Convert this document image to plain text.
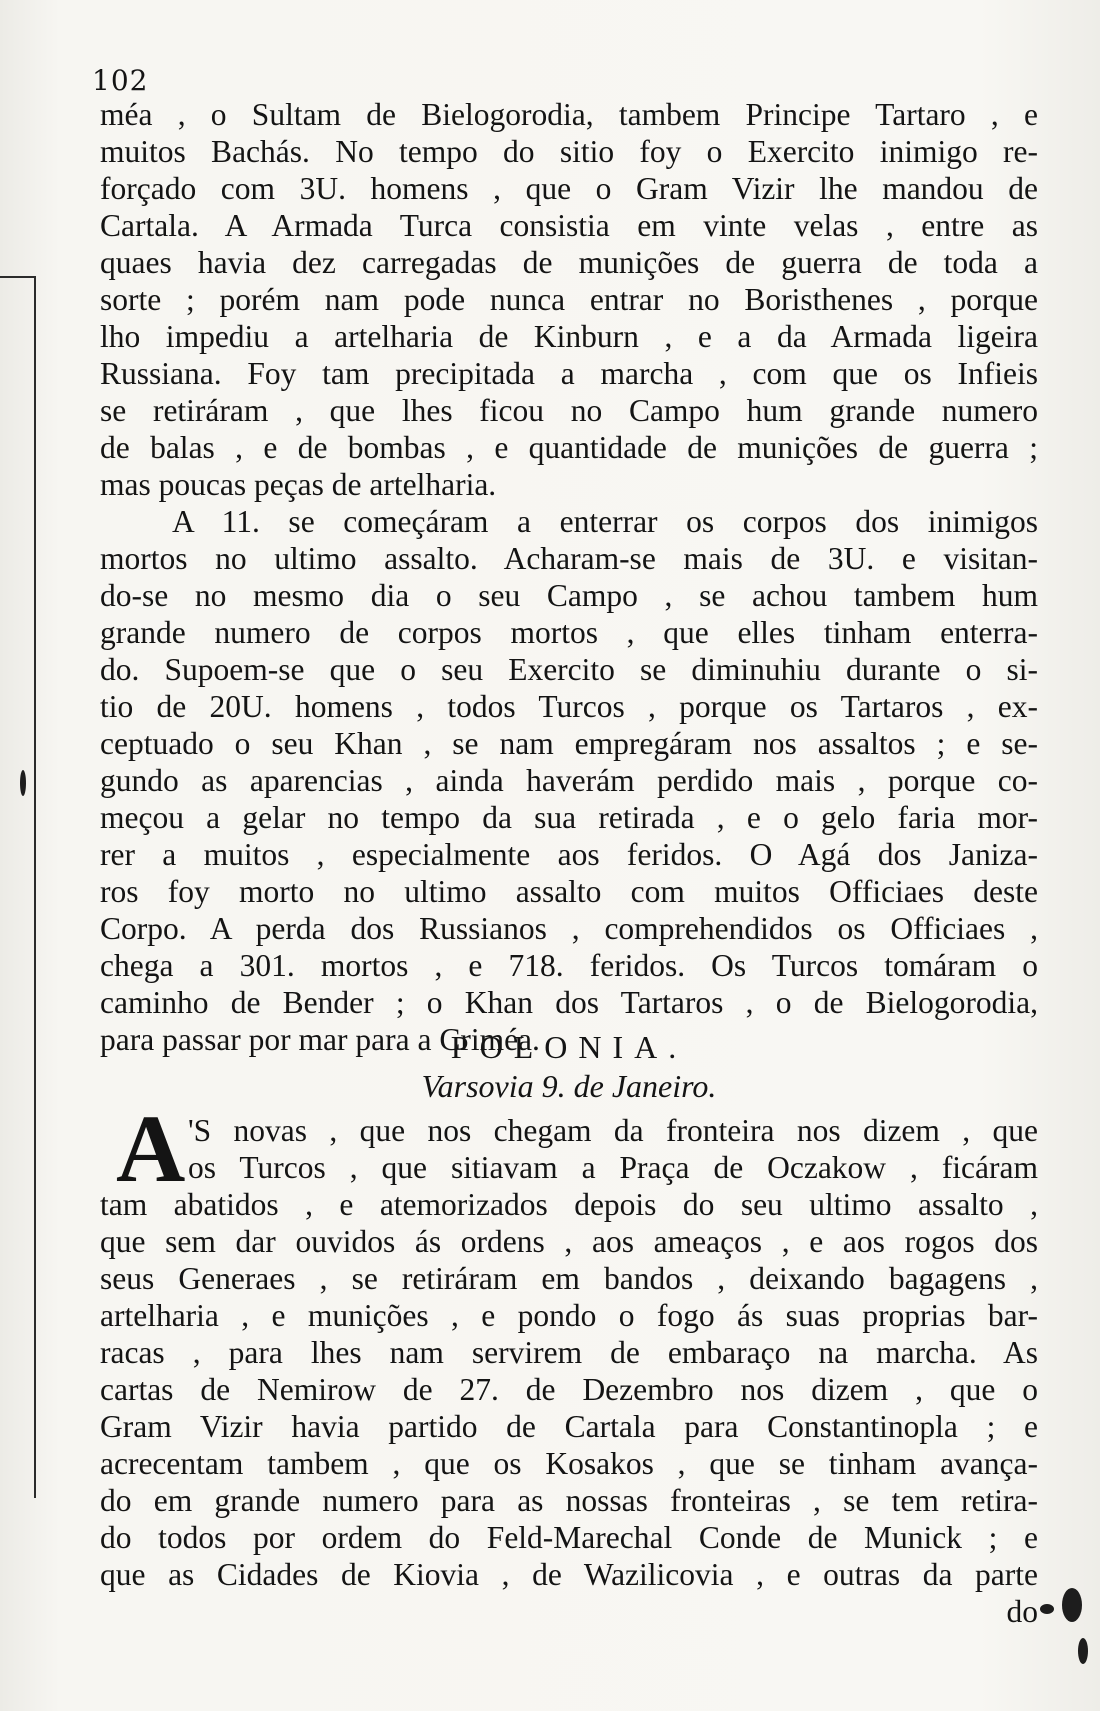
102
méa , o Sultam de Bielogorodia, tambem Principe Tartaro , e
muitos Bachás. No tempo do sitio foy o Exercito inimigo re-
forçado com 3U. homens , que o Gram Vizir lhe mandou de
Cartala. A Armada Turca consistia em vinte velas , entre as
quaes havia dez carregadas de munições de guerra de toda a
sorte ; porém nam pode nunca entrar no Boristhenes , porque
lho impediu a artelharia de Kinburn , e a da Armada ligeira
Russiana. Foy tam precipitada a marcha , com que os Infieis
se retiráram , que lhes ficou no Campo hum grande numero
de balas , e de bombas , e quantidade de munições de guerra ;
mas poucas peças de artelharia.
A 11. se começáram a enterrar os corpos dos inimigos
mortos no ultimo assalto. Acharam-se mais de 3U. e visitan-
do-se no mesmo dia o seu Campo , se achou tambem hum
grande numero de corpos mortos , que elles tinham enterra-
do. Supoem-se que o seu Exercito se diminuhiu durante o si-
tio de 20U. homens , todos Turcos , porque os Tartaros , ex-
ceptuado o seu Khan , se nam empregáram nos assaltos ; e se-
gundo as aparencias , ainda haverám perdido mais , porque co-
meçou a gelar no tempo da sua retirada , e o gelo faria mor-
rer a muitos , especialmente aos feridos. O Agá dos Janiza-
ros foy morto no ultimo assalto com muitos Officiaes deste
Corpo. A perda dos Russianos , comprehendidos os Officiaes ,
chega a 301. mortos , e 718. feridos. Os Turcos tomáram o
caminho de Bender ; o Khan dos Tartaros , o de Bielogorodia,
para passar por mar para a Criméa.
POLONIA.
Varsovia 9. de Janeiro.
A 'S novas , que nos chegam da fronteira nos dizem , que
os Turcos , que sitiavam a Praça de Oczakow , ficáram
tam abatidos , e atemorizados depois do seu ultimo assalto ,
que sem dar ouvidos ás ordens , aos ameaços , e aos rogos dos
seus Generaes , se retiráram em bandos , deixando bagagens ,
artelharia , e munições , e pondo o fogo ás suas proprias bar-
racas , para lhes nam servirem de embaraço na marcha. As
cartas de Nemirow de 27. de Dezembro nos dizem , que o
Gram Vizir havia partido de Cartala para Constantinopla ; e
acrecentam tambem , que os Kosakos , que se tinham avança-
do em grande numero para as nossas fronteiras , se tem retira-
do todos por ordem do Feld-Marechal Conde de Munick ; e
que as Cidades de Kiovia , de Wazilicovia , e outras da parte
do
